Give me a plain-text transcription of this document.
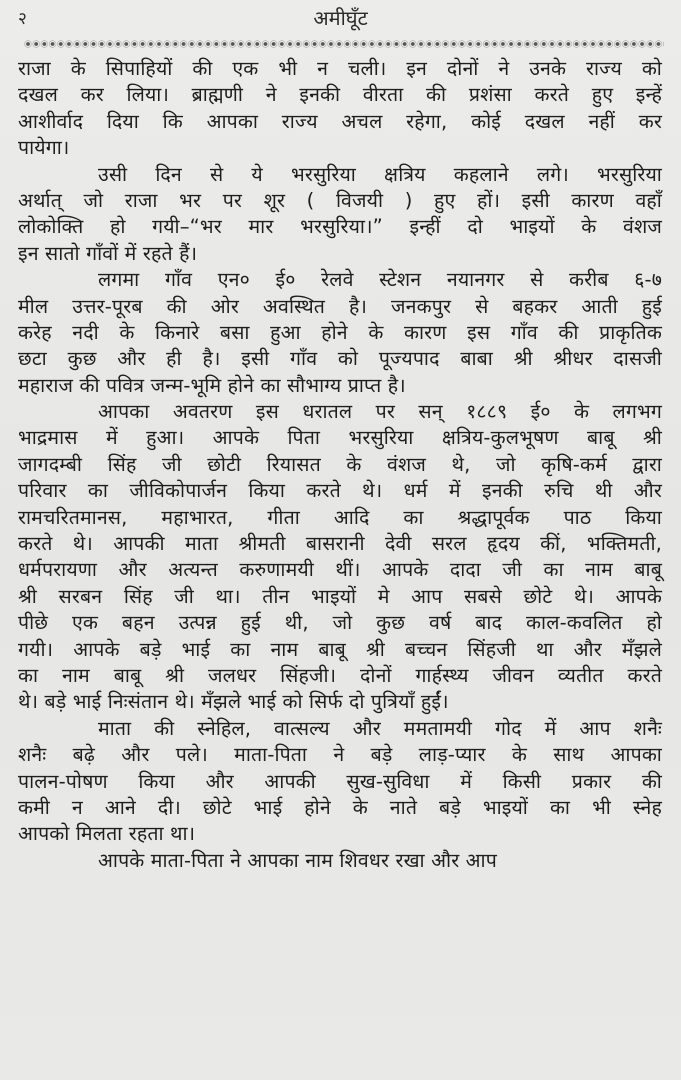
२	अमीघूँट
राजा के सिपाहियों की एक भी न चली। इन दोनों ने उनके राज्य को
दखल कर लिया। ब्राह्मणी ने इनकी वीरता की प्रशंसा करते हुए इन्हें
आशीर्वाद दिया कि आपका राज्य अचल रहेगा, कोई दखल नहीं कर
पायेगा।
उसी दिन से ये भरसुरिया क्षत्रिय कहलाने लगे। भरसुरिया
अर्थात् जो राजा भर पर शूर ( विजयी ) हुए हों। इसी कारण वहाँ
लोकोक्ति हो गयी–“भर मार भरसुरिया।” इन्हीं दो भाइयों के वंशज
इन सातो गाँवों में रहते हैं।
लगमा गाँव एन० ई० रेलवे स्टेशन नयानगर से करीब ६-७
मील उत्तर-पूरब की ओर अवस्थित है। जनकपुर से बहकर आती हुई
करेह नदी के किनारे बसा हुआ होने के कारण इस गाँव की प्राकृतिक
छटा कुछ और ही है। इसी गाँव को पूज्यपाद बाबा श्री श्रीधर दासजी
महाराज की पवित्र जन्म-भूमि होने का सौभाग्य प्राप्त है।
आपका अवतरण इस धरातल पर सन् १८८९ ई० के लगभग
भाद्रमास में हुआ। आपके पिता भरसुरिया क्षत्रिय-कुलभूषण बाबू श्री
जागदम्बी सिंह जी छोटी रियासत के वंशज थे, जो कृषि-कर्म द्वारा
परिवार का जीविकोपार्जन किया करते थे। धर्म में इनकी रुचि थी और
रामचरितमानस, महाभारत, गीता आदि का श्रद्धापूर्वक पाठ किया
करते थे। आपकी माता श्रीमती बासरानी देवी सरल हृदय कीं, भक्तिमती,
धर्मपरायणा और अत्यन्त करुणामयी थीं। आपके दादा जी का नाम बाबू
श्री सरबन सिंह जी था। तीन भाइयों मे आप सबसे छोटे थे। आपके
पीछे एक बहन उत्पन्न हुई थी, जो कुछ वर्ष बाद काल-कवलित हो
गयी। आपके बड़े भाई का नाम बाबू श्री बच्चन सिंहजी था और मँझले
का नाम बाबू श्री जलधर सिंहजी। दोनों गार्हस्थ्य जीवन व्यतीत करते
थे। बड़े भाई निःसंतान थे। मँझले भाई को सिर्फ दो पुत्रियाँ हुईं।
माता की स्नेहिल, वात्सल्य और ममतामयी गोद में आप शनैः
शनैः बढ़े और पले। माता-पिता ने बड़े लाड़-प्यार के साथ आपका
पालन-पोषण किया और आपकी सुख-सुविधा में किसी प्रकार की
कमी न आने दी। छोटे भाई होने के नाते बड़े भाइयों का भी स्नेह
आपको मिलता रहता था।
आपके माता-पिता ने आपका नाम शिवधर रखा और आप
